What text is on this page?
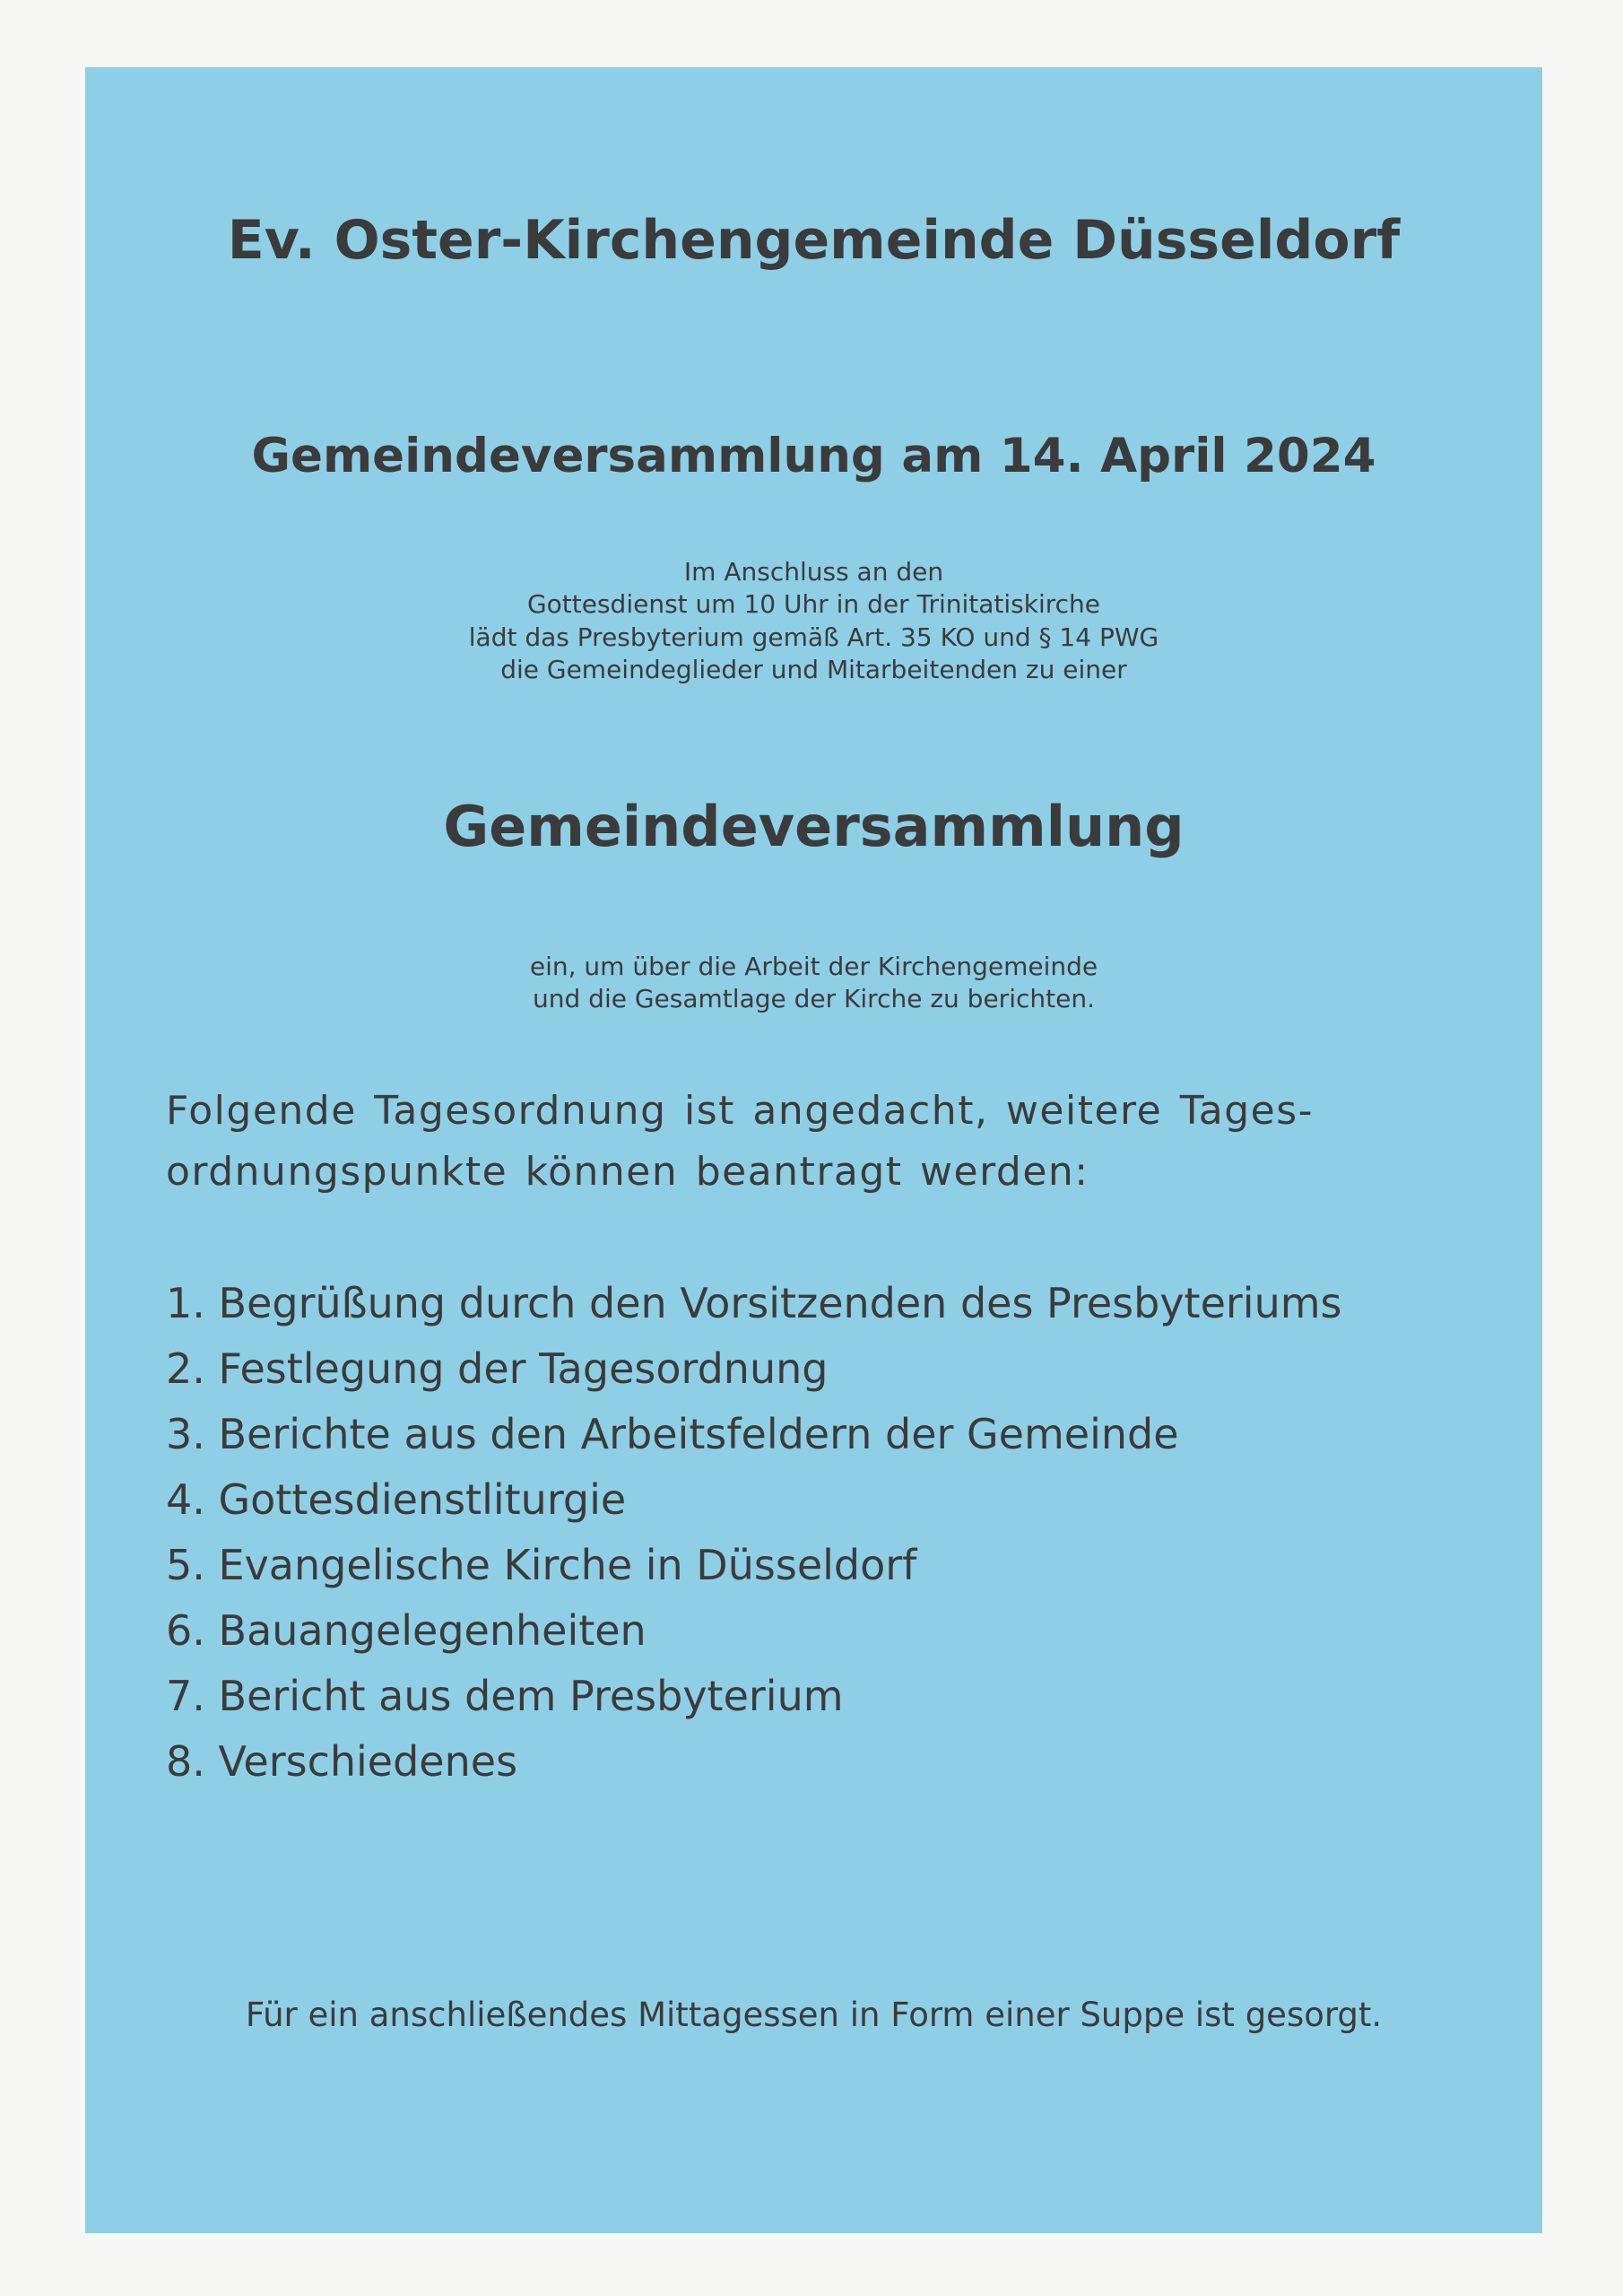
Ev. Oster-Kirchengemeinde Düsseldorf
Gemeindeversammlung am 14. April 2024
Im Anschluss an den
Gottesdienst um 10 Uhr in der Trinitatiskirche
lädt das Presbyterium gemäß Art. 35 KO und § 14 PWG
die Gemeindeglieder und Mitarbeitenden zu einer
Gemeindeversammlung
ein, um über die Arbeit der Kirchengemeinde
und die Gesamtlage der Kirche zu berichten.
Folgende Tagesordnung ist angedacht, weitere Tages-
ordnungspunkte können beantragt werden:
1. Begrüßung durch den Vorsitzenden des Presbyteriums
2. Festlegung der Tagesordnung
3. Berichte aus den Arbeitsfeldern der Gemeinde
4. Gottesdienstliturgie
5. Evangelische Kirche in Düsseldorf
6. Bauangelegenheiten
7. Bericht aus dem Presbyterium
8. Verschiedenes

Für ein anschließendes Mittagessen in Form einer Suppe ist gesorgt.
